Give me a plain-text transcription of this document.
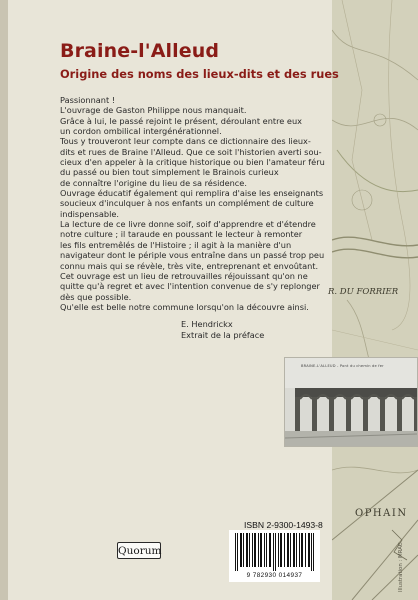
Braine-l'Alleud
Origine des noms des lieux-dits et des rues
Passionnant !
L'ouvrage de Gaston Philippe nous manquait.
Grâce à lui, le passé rejoint le présent, déroulant entre eux
un cordon ombilical intergénérationnel.
Tous y trouveront leur compte dans ce dictionnaire des lieux-
dits et rues de Braine l'Alleud. Que ce soit l'historien averti sou-
cieux d'en appeler à la critique historique ou bien l'amateur féru
du passé ou bien tout simplement le Brainois curieux
de connaître l'origine du lieu de sa résidence.
Ouvrage éducatif également qui remplira d'aise les enseignants
soucieux d'inculquer à nos enfants un complément de culture
indispensable.
La lecture de ce livre donne soif, soif d'apprendre et d'étendre
notre culture ; il taraude en poussant le lecteur à remonter
les fils entremêlés de l'Histoire ; il agit à la manière d'un
navigateur dont le périple vous entraîne dans un passé trop peu
connu mais qui se révèle, très vite, entreprenant et envoûtant.
Cet ouvrage est un lieu de retrouvailles réjouissant qu'on ne
quitte qu'à regret et avec l'intention convenue de s'y replonger
dès que possible.
Qu'elle est belle notre commune lorsqu'on la découvre ainsi.
E. Hendrickx
Extrait de la préface
R. DU FORRIER
BRAINE-L'ALLEUD - Pont du chemin de fer
OPHAIN
ISBN 2-9300-1493-8
Quorum
9 782930 014937	Illustration : MRAC
